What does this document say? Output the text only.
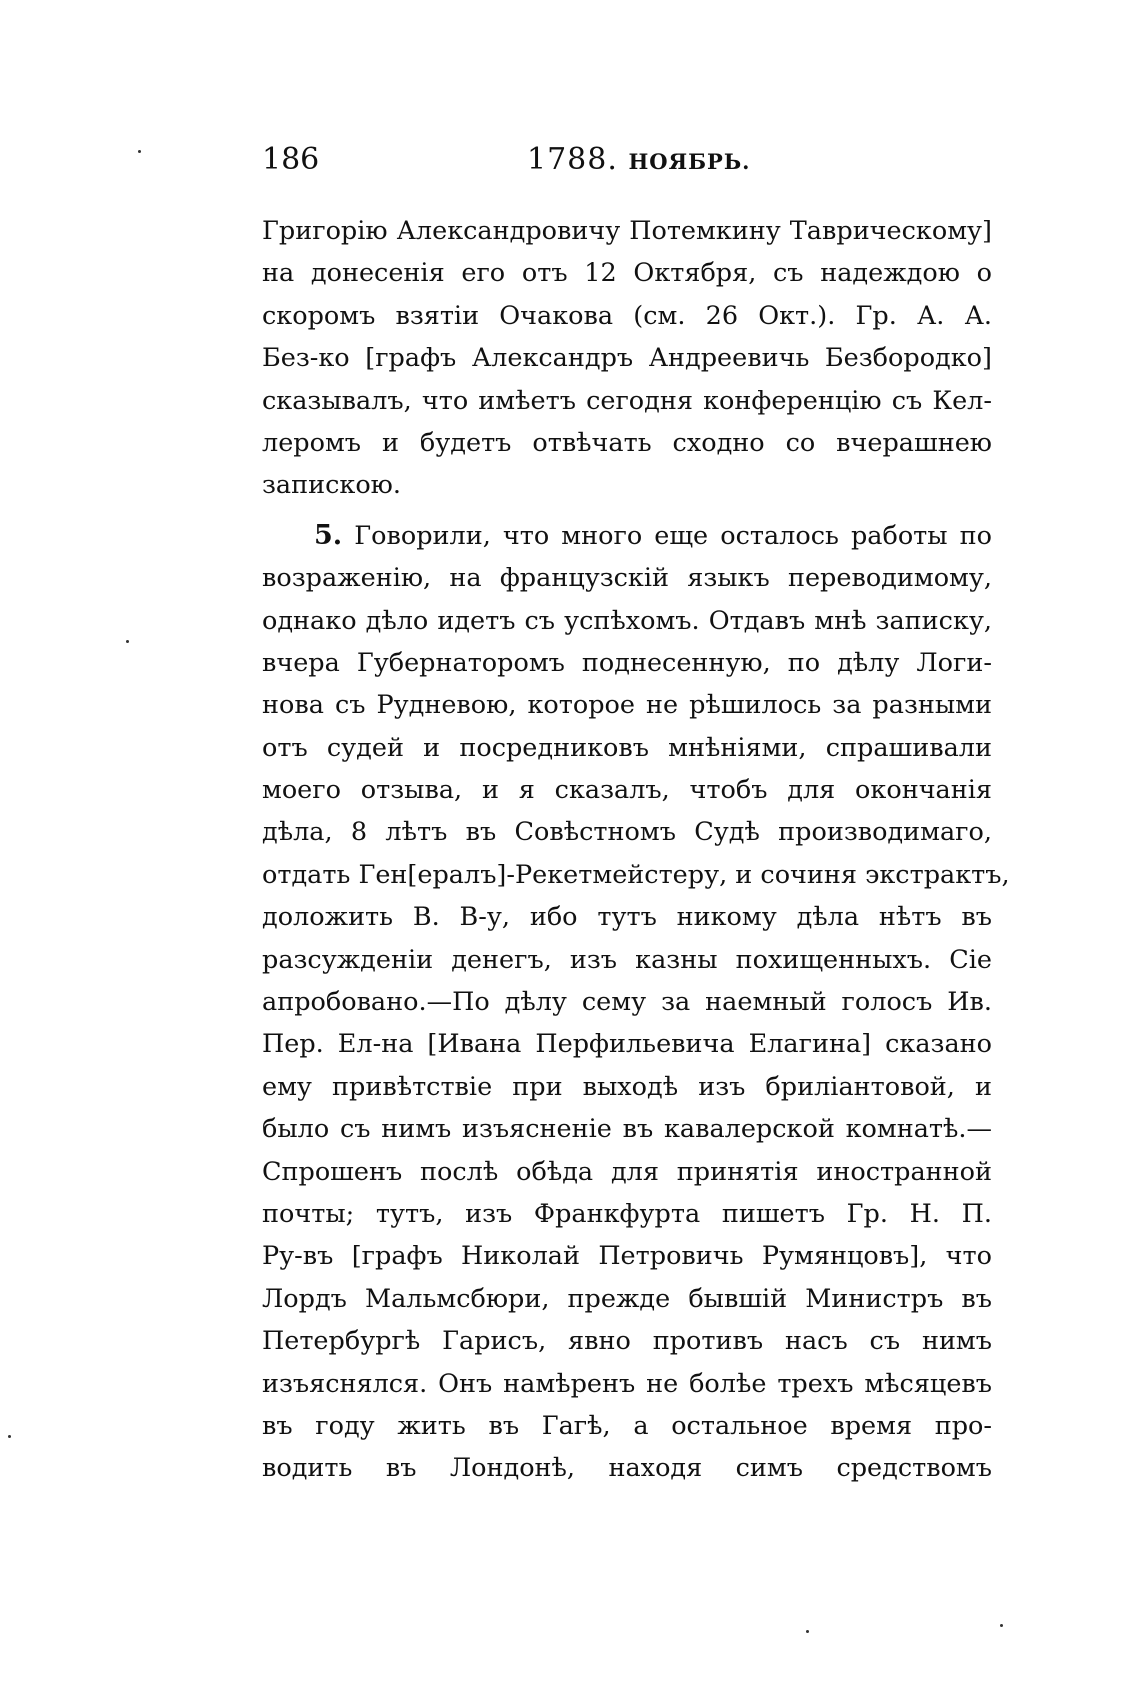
186	1788. НОЯБРЬ.
Григорію Александровичу Потемкину Таврическому]
на донесенія его отъ 12 Октября, съ надеждою о
скоромъ взятіи Очакова (см. 26 Окт.). Гр. А. А.
Без-ко [графъ Александръ Андреевичь Безбородко]
сказывалъ, что имѣетъ сегодня конференцію съ Кел-
леромъ и будетъ отвѣчать сходно со вчерашнею
запискою.
5. Говорили, что много еще осталось работы по
возраженію, на французскій языкъ переводимому,
однако дѣло идетъ съ успѣхомъ. Отдавъ мнѣ записку,
вчера Губернаторомъ поднесенную, по дѣлу Логи-
нова съ Рудневою, которое не рѣшилось за разными
отъ судей и посредниковъ мнѣніями, спрашивали
моего отзыва, и я сказалъ, чтобъ для окончанія
дѣла, 8 лѣтъ въ Совѣстномъ Судѣ производимаго,
отдать Ген[ералъ]-Рекетмейстеру, и сочиня экстрактъ,
доложить В. В-у, ибо тутъ никому дѣла нѣтъ въ
разсужденіи денегъ, изъ казны похищенныхъ. Сіе
апробовано.—По дѣлу сему за наемный голосъ Ив.
Пер. Ел-на [Ивана Перфильевича Елагина] сказано
ему привѣтствіе при выходѣ изъ бриліантовой, и
было съ нимъ изъясненіе въ кавалерской комнатѣ.—
Спрошенъ послѣ обѣда для принятія иностранной
почты; тутъ, изъ Франкфурта пишетъ Гр. Н. П.
Ру-въ [графъ Николай Петровичь Румянцовъ], что
Лордъ Мальмсбюри, прежде бывшій Министръ въ
Петербургѣ Гарисъ, явно противъ насъ съ нимъ
изъяснялся. Онъ намѣренъ не болѣе трехъ мѣсяцевъ
въ году жить въ Гагѣ, а остальное время про-
водить въ Лондонѣ, находя симъ средствомъ
